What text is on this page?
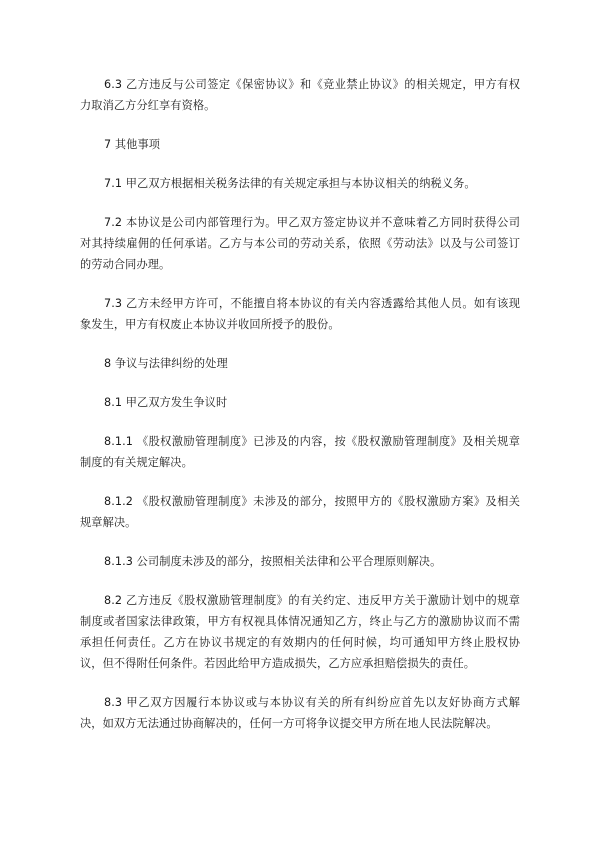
6.3 乙方违反与公司签定《保密协议》和《竞业禁止协议》的相关规定，甲方有权力取消乙方分红享有资格。

7 其他事项

7.1 甲乙双方根据相关税务法律的有关规定承担与本协议相关的纳税义务。

7.2 本协议是公司内部管理行为。甲乙双方签定协议并不意味着乙方同时获得公司对其持续雇佣的任何承诺。乙方与本公司的劳动关系，依照《劳动法》以及与公司签订的劳动合同办理。

7.3 乙方未经甲方许可，不能擅自将本协议的有关内容透露给其他人员。如有该现象发生，甲方有权废止本协议并收回所授予的股份。

8 争议与法律纠纷的处理

8.1 甲乙双方发生争议时

8.1.1 《股权激励管理制度》已涉及的内容，按《股权激励管理制度》及相关规章制度的有关规定解决。

8.1.2 《股权激励管理制度》未涉及的部分，按照甲方的《股权激励方案》及相关规章解决。

8.1.3 公司制度未涉及的部分，按照相关法律和公平合理原则解决。

8.2 乙方违反《股权激励管理制度》的有关约定、违反甲方关于激励计划中的规章制度或者国家法律政策，甲方有权视具体情况通知乙方，终止与乙方的激励协议而不需承担任何责任。乙方在协议书规定的有效期内的任何时候，均可通知甲方终止股权协议，但不得附任何条件。若因此给甲方造成损失，乙方应承担赔偿损失的责任。

8.3 甲乙双方因履行本协议或与本协议有关的所有纠纷应首先以友好协商方式解决，如双方无法通过协商解决的，任何一方可将争议提交甲方所在地人民法院解决。
